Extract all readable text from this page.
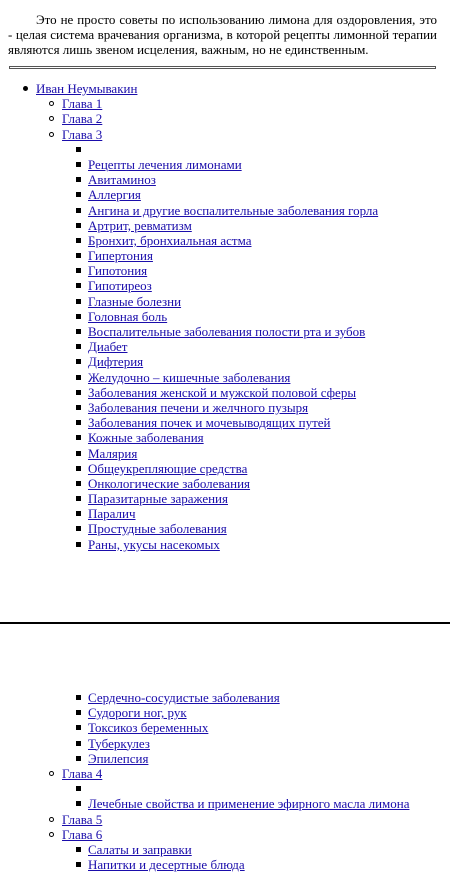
Это не просто советы по использованию лимона для оздоровления, это - целая система врачевания организма, в которой рецепты лимонной терапии являются лишь звеном исцеления, важным, но не единственным.

Иван Неумывакин
Глава 1
Глава 2
Глава 3
Рецепты лечения лимонами
Авитаминоз
Аллергия
Ангина и другие воспалительные заболевания горла
Артрит, ревматизм
Бронхит, бронхиальная астма
Гипертония
Гипотония
Гипотиреоз
Глазные болезни
Головная боль
Воспалительные заболевания полости рта и зубов
Диабет
Дифтерия
Желудочно – кишечные заболевания
Заболевания женской и мужской половой сферы
Заболевания печени и желчного пузыря
Заболевания почек и мочевыводящих путей
Кожные заболевания
Малярия
Общеукрепляющие средства
Онкологические заболевания
Паразитарные заражения
Паралич
Простудные заболевания
Раны, укусы насекомых
Сердечно-сосудистые заболевания
Судороги ног, рук
Токсикоз беременных
Туберкулез
Эпилепсия
Глава 4
Лечебные свойства и применение эфирного масла лимона
Глава 5
Глава 6
Салаты и заправки
Напитки и десертные блюда
